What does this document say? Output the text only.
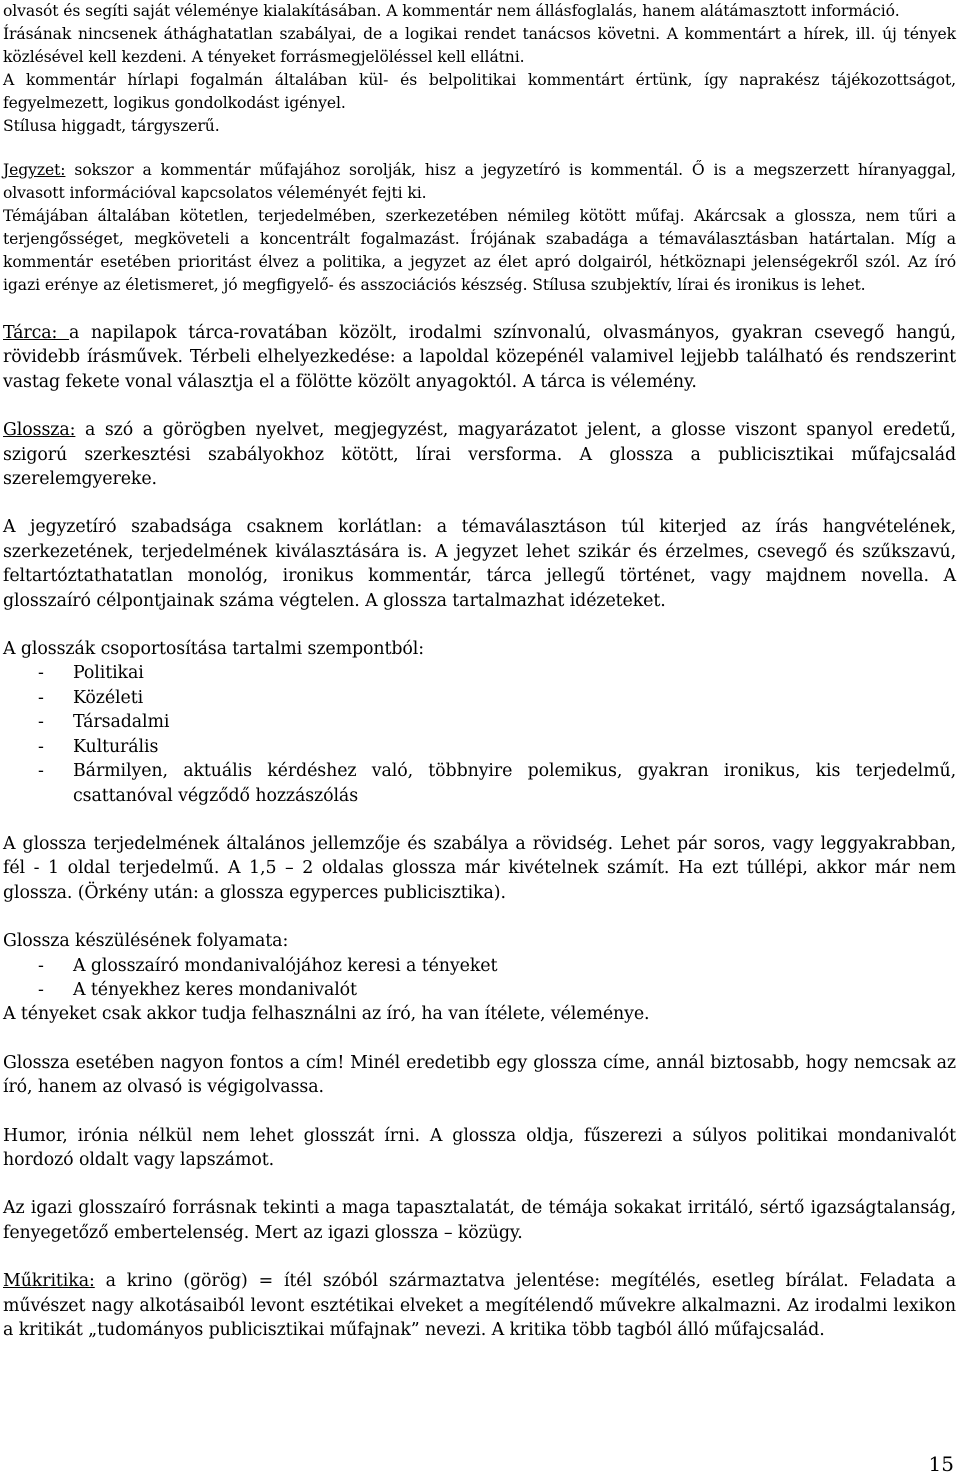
olvasót és segíti saját véleménye kialakításában. A kommentár nem állásfoglalás, hanem alátámasztott információ.

Írásának nincsenek áthághatatlan szabályai, de a logikai rendet tanácsos követni. A kommentárt a hírek, ill. új tények közlésével kell kezdeni. A tényeket forrásmegjelöléssel kell ellátni.

A kommentár hírlapi fogalmán általában kül- és belpolitikai kommentárt értünk, így naprakész tájékozottságot, fegyelmezett, logikus gondolkodást igényel.

Stílusa higgadt, tárgyszerű.

Jegyzet: sokszor a kommentár műfajához sorolják, hisz a jegyzetíró is kommentál. Ő is a megszerzett híranyaggal, olvasott információval kapcsolatos véleményét fejti ki.

Témájában általában kötetlen, terjedelmében, szerkezetében némileg kötött műfaj. Akárcsak a glossza, nem tűri a terjengősséget, megköveteli a koncentrált fogalmazást. Írójának szabadága a témaválasztásban határtalan. Míg a kommentár esetében prioritást élvez a politika, a jegyzet az élet apró dolgairól, hétköznapi jelenségekről szól. Az író igazi erénye az életismeret, jó megfigyelő- és asszociációs készség. Stílusa szubjektív, lírai és ironikus is lehet.

Tárca: a napilapok tárca-rovatában közölt, irodalmi színvonalú, olvasmányos, gyakran csevegő hangú, rövidebb írásművek. Térbeli elhelyezkedése: a lapoldal közepénél valamivel lejjebb található és rendszerint vastag fekete vonal választja el a fölötte közölt anyagoktól. A tárca is vélemény.

Glossza: a szó a görögben nyelvet, megjegyzést, magyarázatot jelent, a glosse viszont spanyol eredetű, szigorú szerkesztési szabályokhoz kötött, lírai versforma. A glossza a publicisztikai műfajcsalád szerelemgyereke.

A jegyzetíró szabadsága csaknem korlátlan: a témaválasztáson túl kiterjed az írás hangvételének, szerkezetének, terjedelmének kiválasztására is. A jegyzet lehet szikár és érzelmes, csevegő és szűkszavú, feltartóztathatatlan monológ, ironikus kommentár, tárca jellegű történet, vagy majdnem novella. A glosszaíró célpontjainak száma végtelen. A glossza tartalmazhat idézeteket.

A glosszák csoportosítása tartalmi szempontból:

- Politikai
- Közéleti
- Társadalmi
- Kulturális
- Bármilyen, aktuális kérdéshez való, többnyire polemikus, gyakran ironikus, kis terjedelmű, csattanóval végződő hozzászólás

A glossza terjedelmének általános jellemzője és szabálya a rövidség. Lehet pár soros, vagy leggyakrabban, fél - 1 oldal terjedelmű. A 1,5 – 2 oldalas glossza már kivételnek számít. Ha ezt túllépi, akkor már nem glossza. (Örkény után: a glossza egyperces publicisztika).

Glossza készülésének folyamata:

- A glosszaíró mondanivalójához keresi a tényeket
- A tényekhez keres mondanivalót

A tényeket csak akkor tudja felhasználni az író, ha van ítélete, véleménye.

Glossza esetében nagyon fontos a cím! Minél eredetibb egy glossza címe, annál biztosabb, hogy nemcsak az író, hanem az olvasó is végigolvassa.

Humor, irónia nélkül nem lehet glosszát írni. A glossza oldja, fűszerezi a súlyos politikai mondanivalót hordozó oldalt vagy lapszámot.

Az igazi glosszaíró forrásnak tekinti a maga tapasztalatát, de témája sokakat irritáló, sértő igazságtalanság, fenyegetőző embertelenség. Mert az igazi glossza – közügy.

Műkritika: a krino (görög) = ítél szóból származtatva jelentése: megítélés, esetleg bírálat. Feladata a művészet nagy alkotásaiból levont esztétikai elveket a megítélendő művekre alkalmazni. Az irodalmi lexikon a kritikát „tudományos publicisztikai műfajnak” nevezi. A kritika több tagból álló műfajcsalád.

15
